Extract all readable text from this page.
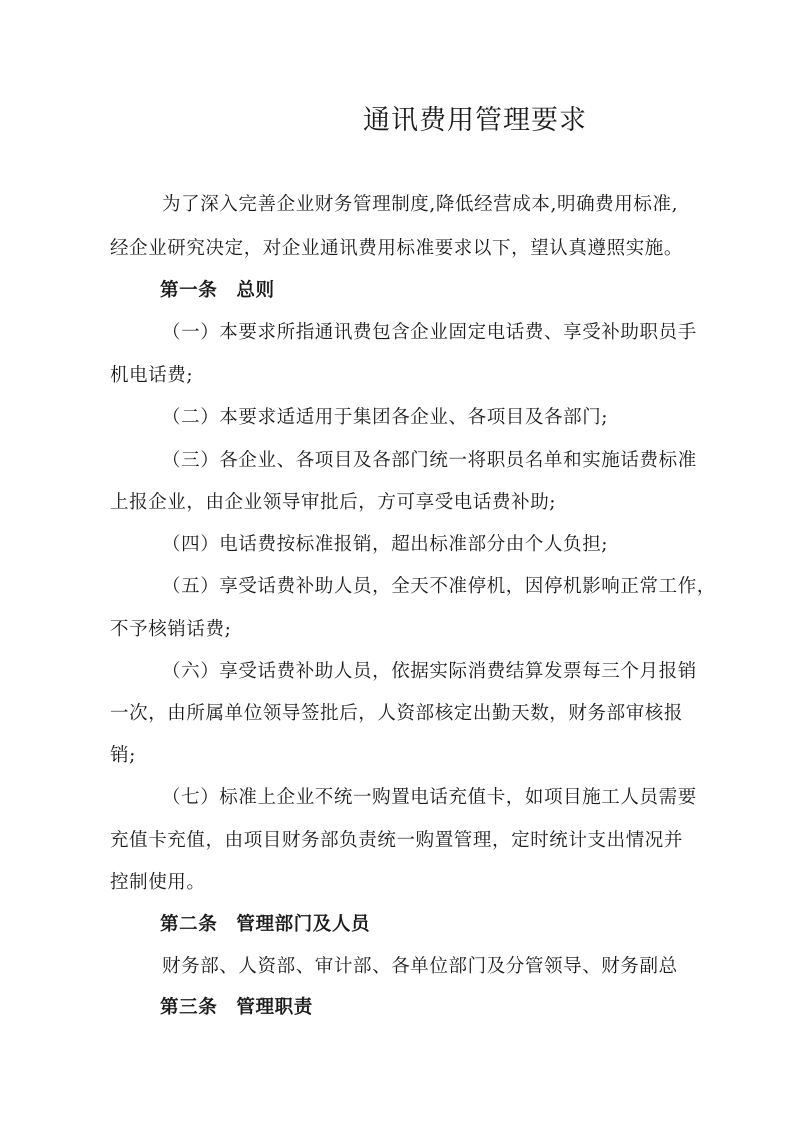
通讯费用管理要求
为了深入完善企业财务管理制度,降低经营成本,明确费用标准,
经企业研究决定，对企业通讯费用标准要求以下，望认真遵照实施。
第一条　总则
（一）本要求所指通讯费包含企业固定电话费、享受补助职员手
机电话费;
（二）本要求适适用于集团各企业、各项目及各部门;
（三）各企业、各项目及各部门统一将职员名单和实施话费标准
上报企业，由企业领导审批后，方可享受电话费补助;
（四）电话费按标准报销，超出标准部分由个人负担;
（五）享受话费补助人员，全天不准停机，因停机影响正常工作，
不予核销话费;
（六）享受话费补助人员，依据实际消费结算发票每三个月报销
一次，由所属单位领导签批后，人资部核定出勤天数，财务部审核报
销;
（七）标准上企业不统一购置电话充值卡，如项目施工人员需要
充值卡充值，由项目财务部负责统一购置管理，定时统计支出情况并
控制使用。
第二条　管理部门及人员
财务部、人资部、审计部、各单位部门及分管领导、财务副总
第三条　管理职责
